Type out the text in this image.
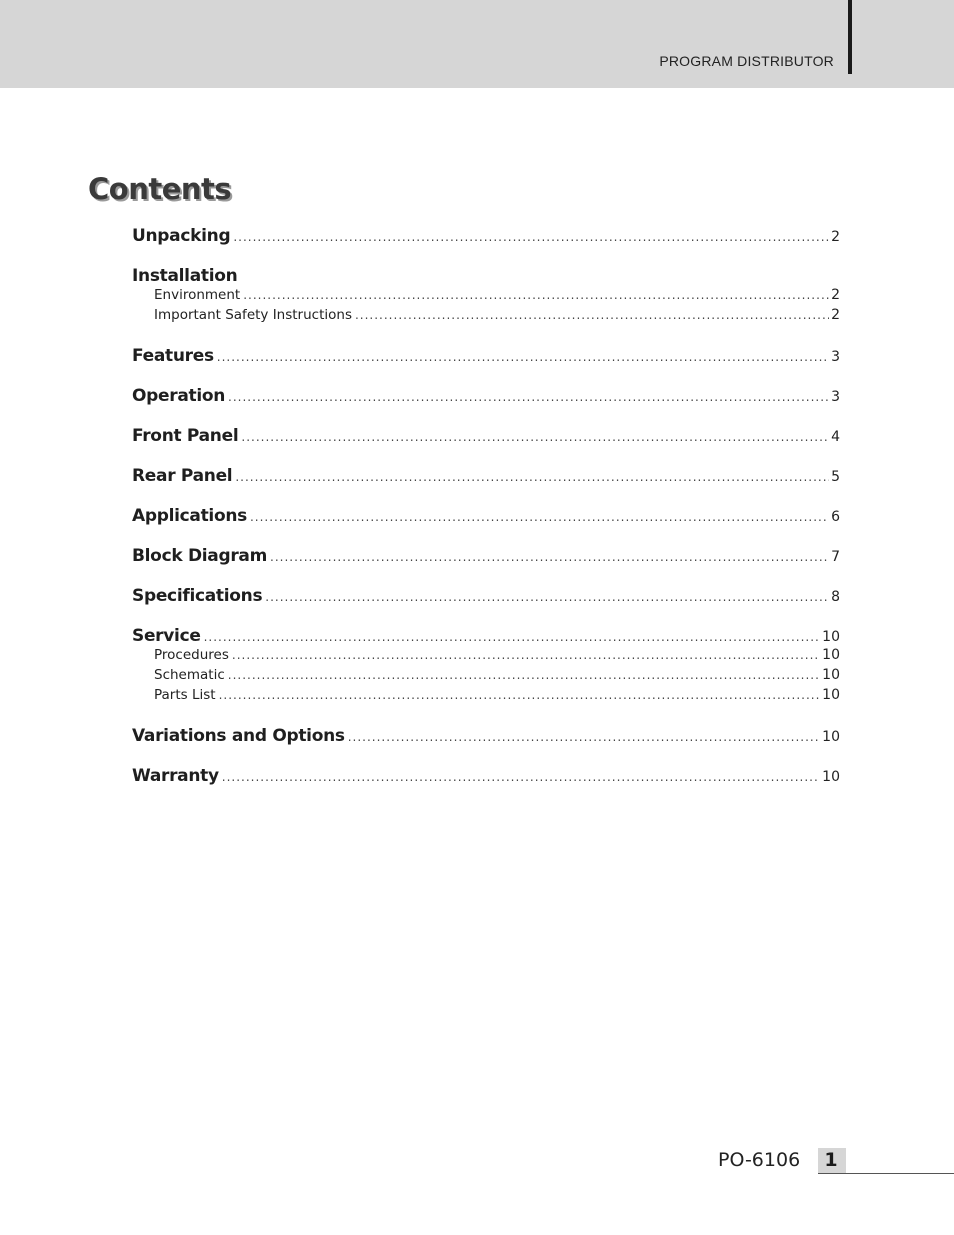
PROGRAM DISTRIBUTOR
Contents
Unpacking .....	2
Installation
Environment .....	2
Important Safety Instructions .....	2
Features .....	3
Operation .....	3
Front Panel .....	4
Rear Panel .....	5
Applications .....	6
Block Diagram .....	7
Specifications .....	8
Service .....	10
Procedures .....	10
Schematic .....	10
Parts List .....	10
Variations and Options .....	10
Warranty .....	10
PO-6106	1
